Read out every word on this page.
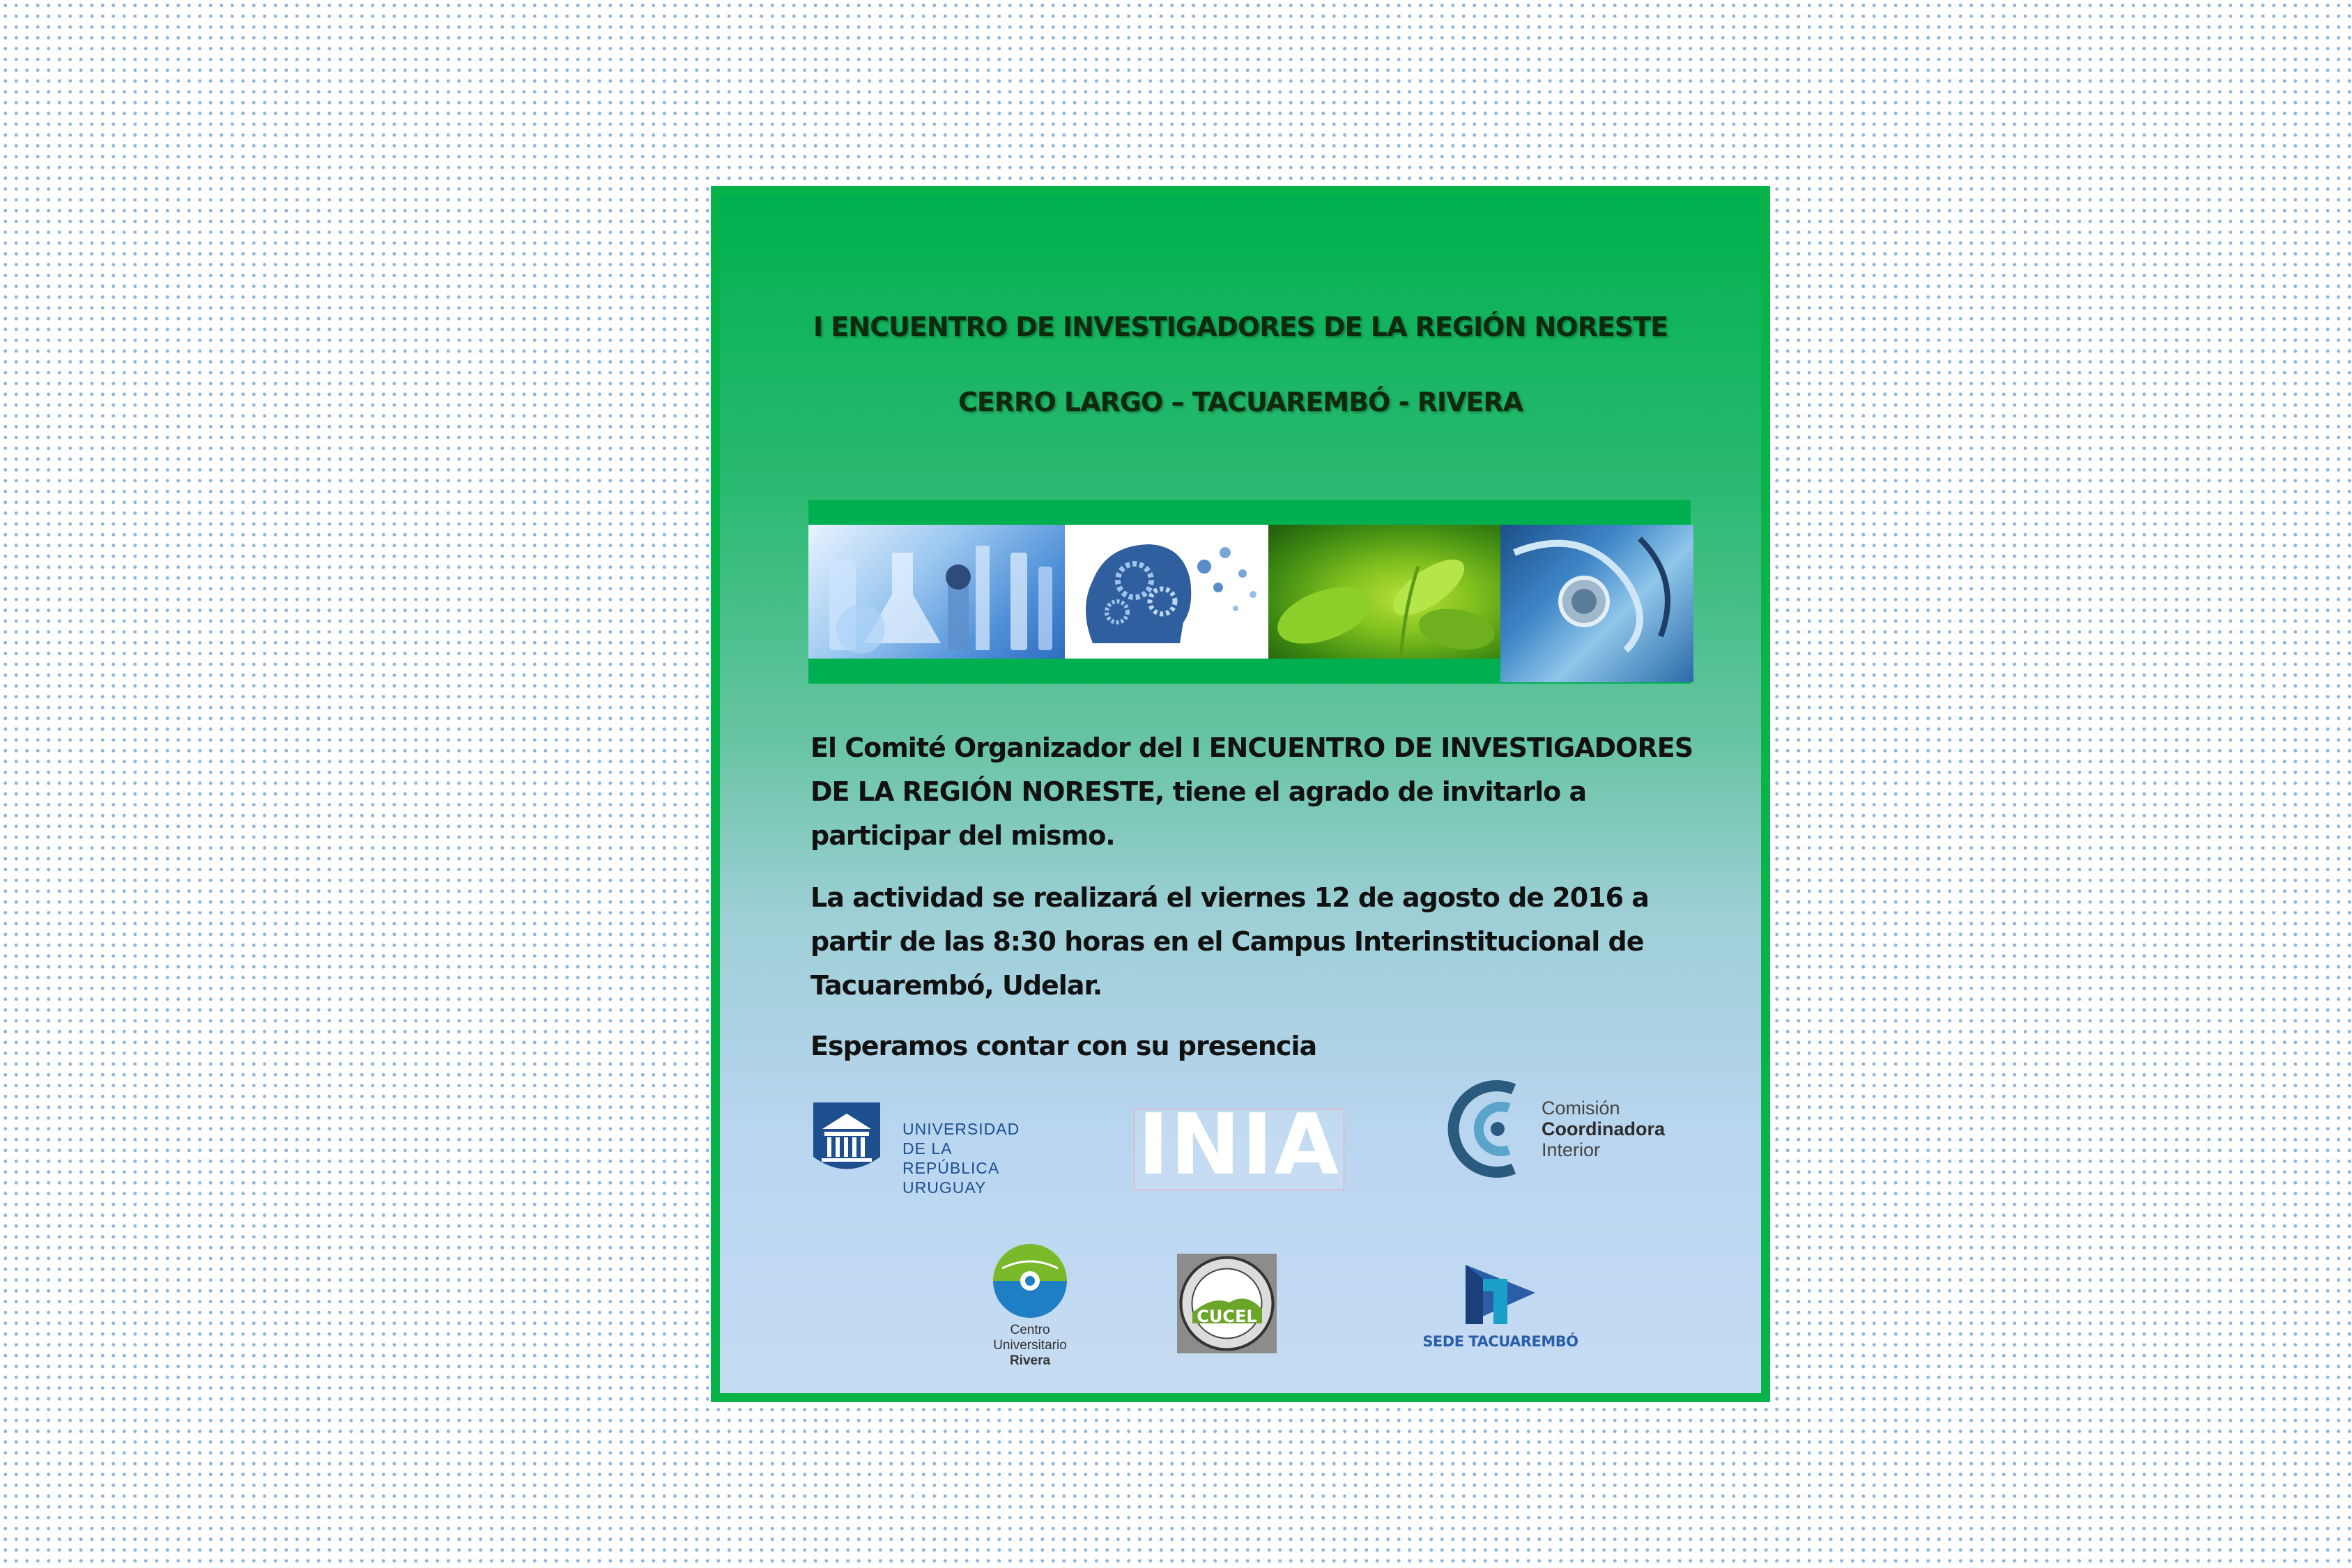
I ENCUENTRO DE INVESTIGADORES DE LA REGIÓN NORESTE
CERRO LARGO – TACUAREMBÓ - RIVERA

El Comité Organizador del I ENCUENTRO DE INVESTIGADORES DE LA REGIÓN NORESTE, tiene el agrado de invitarlo a participar del mismo.

La actividad se realizará el viernes 12 de agosto de 2016 a partir de las 8:30 horas en el Campus Interinstitucional de Tacuarembó, Udelar.

Esperamos contar con su presencia

UNIVERSIDAD
DE LA REPÚBLICA
URUGUAY	INIA	Comisión
Coordinadora
Interior
Centro
Universitario
Rivera
CUCEL
SEDE TACUAREMBÓ
